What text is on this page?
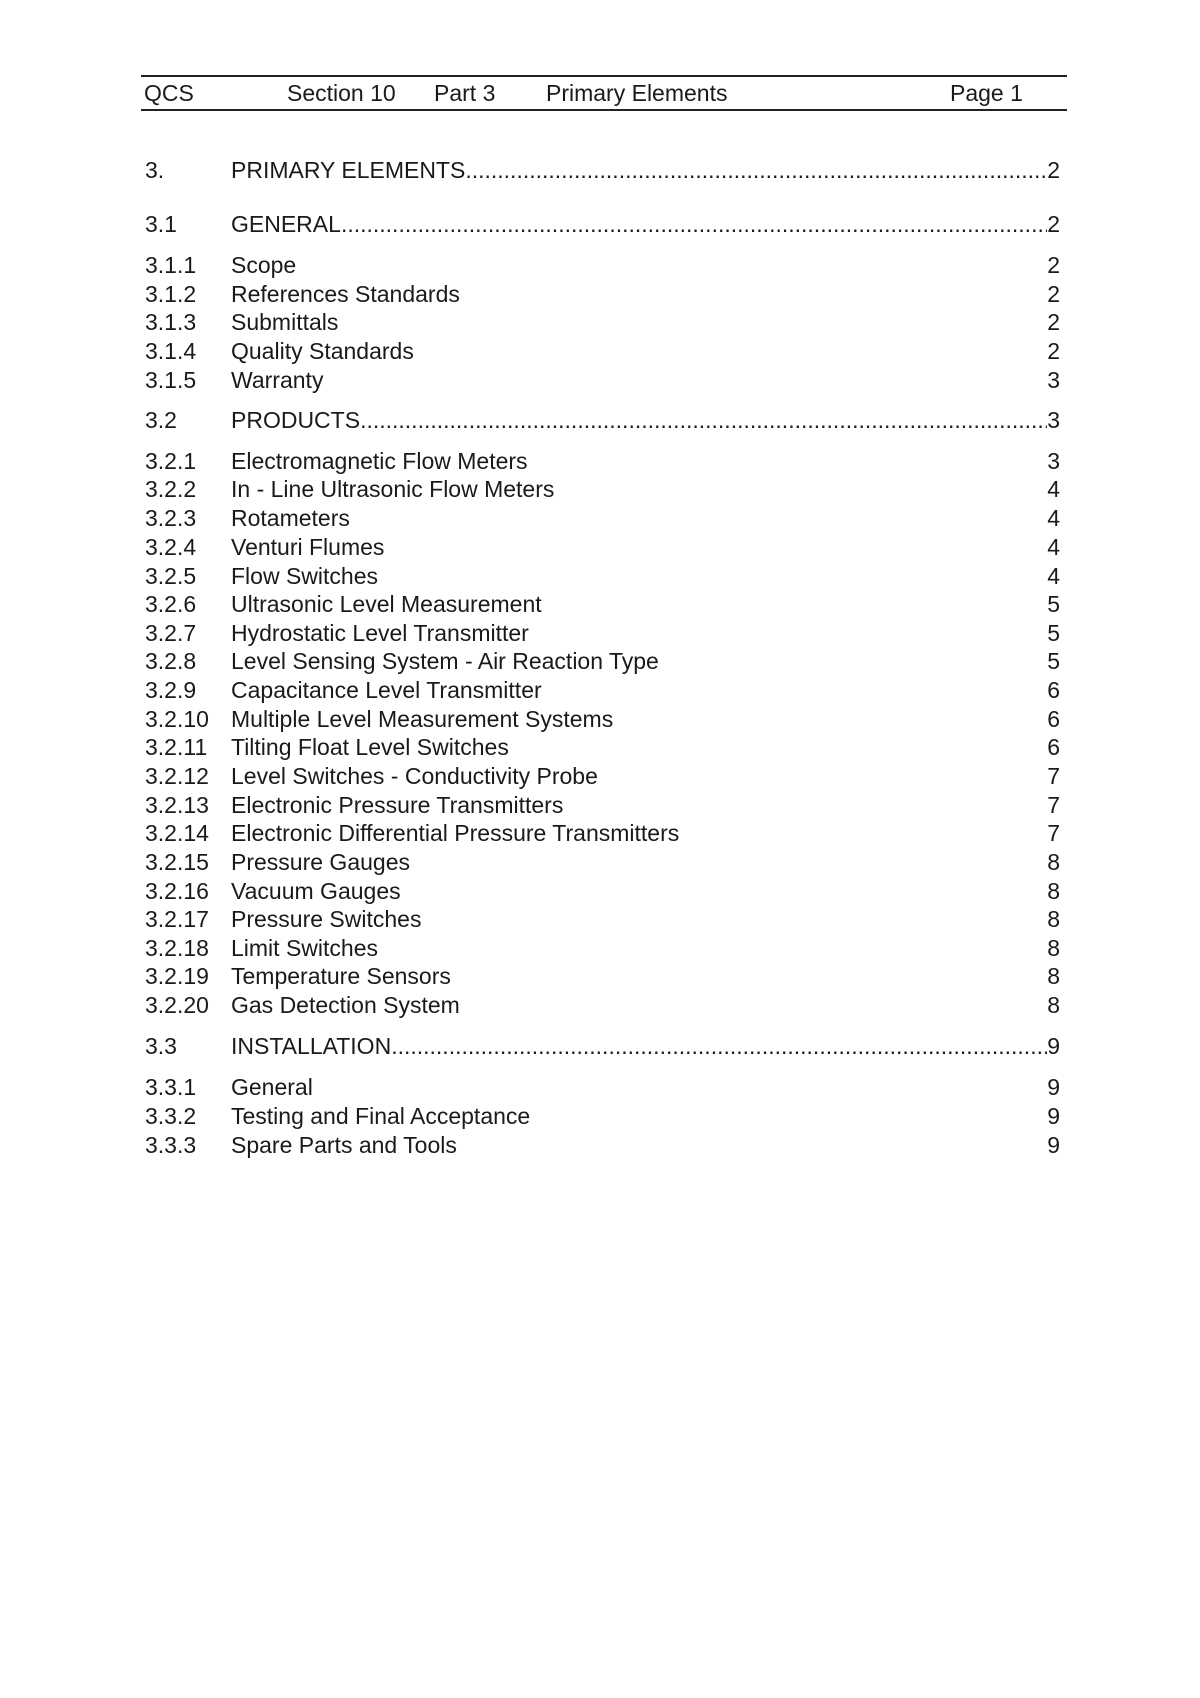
QCS	Section 10 Part 3 Primary Elements	Page 1
3.	PRIMARY ELEMENTS .....	2
3.1 GENERAL .....	2
3.1.1 Scope	2
3.1.2 References Standards	2
3.1.3 Submittals	2
3.1.4 Quality Standards	2
3.1.5 Warranty	3
3.2 PRODUCTS .....	3
3.2.1 Electromagnetic Flow Meters	3
3.2.2 In - Line Ultrasonic Flow Meters	4
3.2.3 Rotameters	4
3.2.4 Venturi Flumes	4
3.2.5 Flow Switches	4
3.2.6 Ultrasonic Level Measurement	5
3.2.7 Hydrostatic Level Transmitter	5
3.2.8 Level Sensing System - Air Reaction Type	5
3.2.9 Capacitance Level Transmitter	6
3.2.10 Multiple Level Measurement Systems	6
3.2.11 Tilting Float Level Switches	6
3.2.12 Level Switches - Conductivity Probe	7
3.2.13 Electronic Pressure Transmitters	7
3.2.14 Electronic Differential Pressure Transmitters	7
3.2.15 Pressure Gauges	8
3.2.16 Vacuum Gauges	8
3.2.17 Pressure Switches	8
3.2.18 Limit Switches	8
3.2.19 Temperature Sensors	8
3.2.20 Gas Detection System	8
3.3 INSTALLATION .....	9
3.3.1 General	9
3.3.2 Testing and Final Acceptance	9
3.3.3 Spare Parts and Tools	9
